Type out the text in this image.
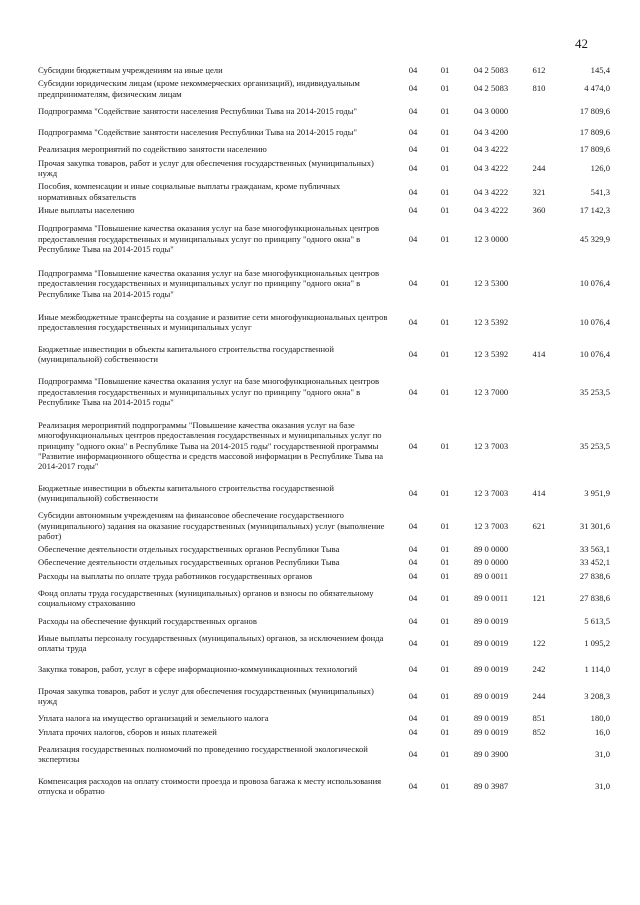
42
Субсидии бюджетным учреждениям на иные цели	04	01	04 2 5083	612	145,4
Субсидии юридическим лицам (кроме некоммерческих организаций), индивидуальным предпринимателям, физическим лицам	04	01	04 2 5083	810	4 474,0
Подпрограмма "Содействие занятости населения Республики Тыва на 2014-2015 годы"	04	01	04 3 0000		17 809,6
Подпрограмма "Содействие занятости населения Республики Тыва на 2014-2015 годы"	04	01	04 3 4200		17 809,6
Реализация мероприятий по содействию занятости населению	04	01	04 3 4222		17 809,6
Прочая закупка товаров, работ и услуг для обеспечения государственных (муниципальных) нужд	04	01	04 3 4222	244	126,0
Пособия, компенсации и иные социальные выплаты гражданам, кроме публичных нормативных обязательств	04	01	04 3 4222	321	541,3
Иные выплаты населению	04	01	04 3 4222	360	17 142,3
Подпрограмма "Повышение качества оказания услуг на базе многофункциональных центров предоставления государственных и муниципальных услуг по принципу "одного окна" в Республике Тыва на 2014-2015 годы"	04	01	12 3 0000		45 329,9
Подпрограмма "Повышение качества оказания услуг на базе многофункциональных центров предоставления государственных и муниципальных услуг по принципу "одного окна" в Республике Тыва на 2014-2015 годы"	04	01	12 3 5300		10 076,4
Иные межбюджетные трансферты на создание и развитие сети многофункциональных центров предоставления государственных и муниципальных услуг	04	01	12 3 5392		10 076,4
Бюджетные инвестиции в объекты капитального строительства государственной (муниципальной) собственности	04	01	12 3 5392	414	10 076,4
Подпрограмма "Повышение качества оказания услуг на базе многофункциональных центров предоставления государственных и муниципальных услуг по принципу "одного окна" в Республике Тыва на 2014-2015 годы"	04	01	12 3 7000		35 253,5
Реализация мероприятий подпрограммы "Повышение качества оказания услуг на базе многофункциональных центров предоставления государственных и муниципальных услуг по принципу "одного окна" в Республике Тыва на 2014-2015 годы" государственной программы "Развитие информационного общества и средств массовой информации в Республике Тыва на 2014-2017 годы"	04	01	12 3 7003		35 253,5
Бюджетные инвестиции в объекты капитального строительства государственной (муниципальной) собственности	04	01	12 3 7003	414	3 951,9
Субсидии автономным учреждениям на финансовое обеспечение государственного (муниципального) задания на оказание государственных (муниципальных) услуг (выполнение работ)	04	01	12 3 7003	621	31 301,6
Обеспечение деятельности отдельных государственных органов Республики Тыва	04	01	89 0 0000		33 563,1
Обеспечение деятельности отдельных государственных органов Республики Тыва	04	01	89 0 0000		33 452,1
Расходы на выплаты по оплате труда работников государственных органов	04	01	89 0 0011		27 838,6
Фонд оплаты труда государственных (муниципальных) органов и взносы по обязательному социальному страхованию	04	01	89 0 0011	121	27 838,6
Расходы на обеспечение функций государственных органов	04	01	89 0 0019		5 613,5
Иные выплаты персоналу государственных (муниципальных) органов, за исключением фонда оплаты труда	04	01	89 0 0019	122	1 095,2
Закупка товаров, работ, услуг в сфере информационно-коммуникационных технологий	04	01	89 0 0019	242	1 114,0
Прочая закупка товаров, работ и услуг для обеспечения государственных (муниципальных) нужд	04	01	89 0 0019	244	3 208,3
Уплата налога на имущество организаций и земельного налога	04	01	89 0 0019	851	180,0
Уплата прочих налогов, сборов и иных платежей	04	01	89 0 0019	852	16,0
Реализация государственных полномочий по проведению государственной экологической экспертизы	04	01	89 0 3900		31,0
Компенсация расходов на оплату стоимости проезда и провоза багажа к месту использования отпуска и обратно	04	01	89 0 3987		31,0
